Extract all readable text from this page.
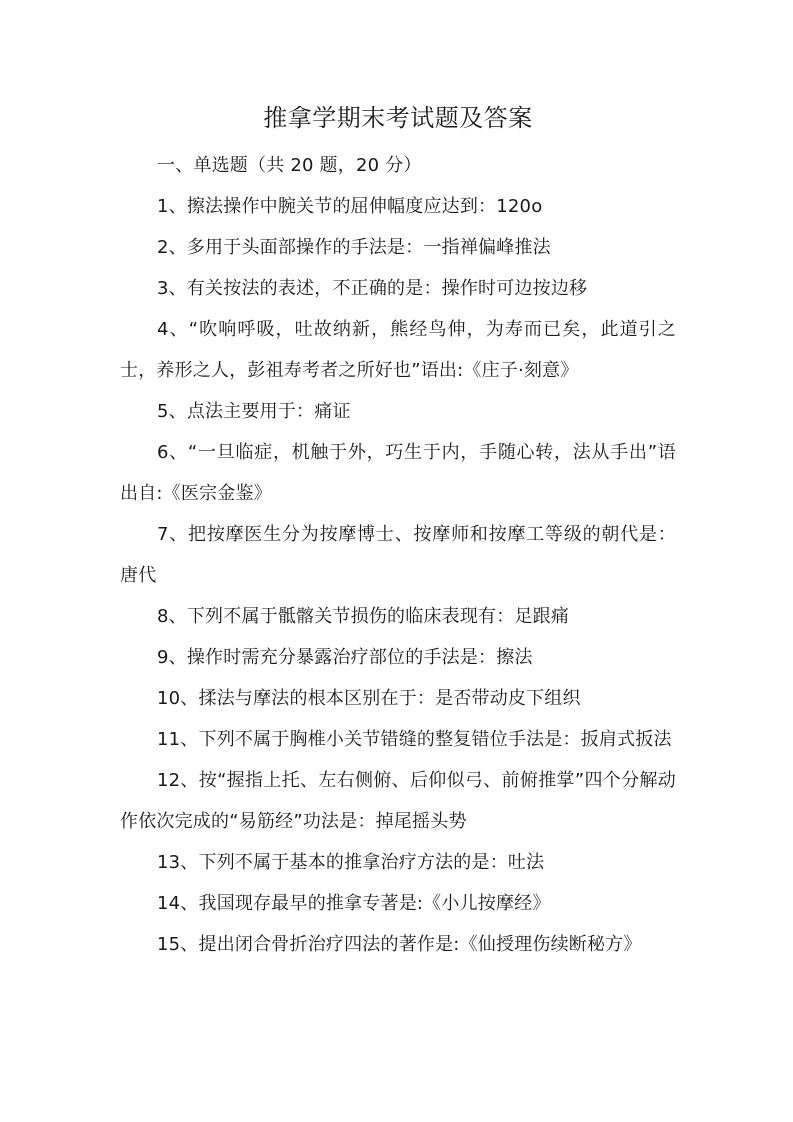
推拿学期末考试题及答案

一、单选题（共 20 题，20 分）

1、擦法操作中腕关节的屈伸幅度应达到：120o

2、多用于头面部操作的手法是：一指禅偏峰推法

3、有关按法的表述，不正确的是：操作时可边按边移

4、“吹响呼吸，吐故纳新，熊经鸟伸，为寿而已矣，此道引之士，养形之人，彭祖寿考者之所好也”语出:《庄子·刻意》

5、点法主要用于：痛证

6、“一旦临症，机触于外，巧生于内，手随心转，法从手出”语出自:《医宗金鉴》

7、把按摩医生分为按摩博士、按摩师和按摩工等级的朝代是：唐代

8、下列不属于骶髂关节损伤的临床表现有：足跟痛

9、操作时需充分暴露治疗部位的手法是：擦法

10、揉法与摩法的根本区别在于：是否带动皮下组织

11、下列不属于胸椎小关节错缝的整复错位手法是：扳肩式扳法

12、按“握指上托、左右侧俯、后仰似弓、前俯推掌”四个分解动作依次完成的“易筋经”功法是：掉尾摇头势

13、下列不属于基本的推拿治疗方法的是：吐法

14、我国现存最早的推拿专著是:《小儿按摩经》

15、提出闭合骨折治疗四法的著作是:《仙授理伤续断秘方》
